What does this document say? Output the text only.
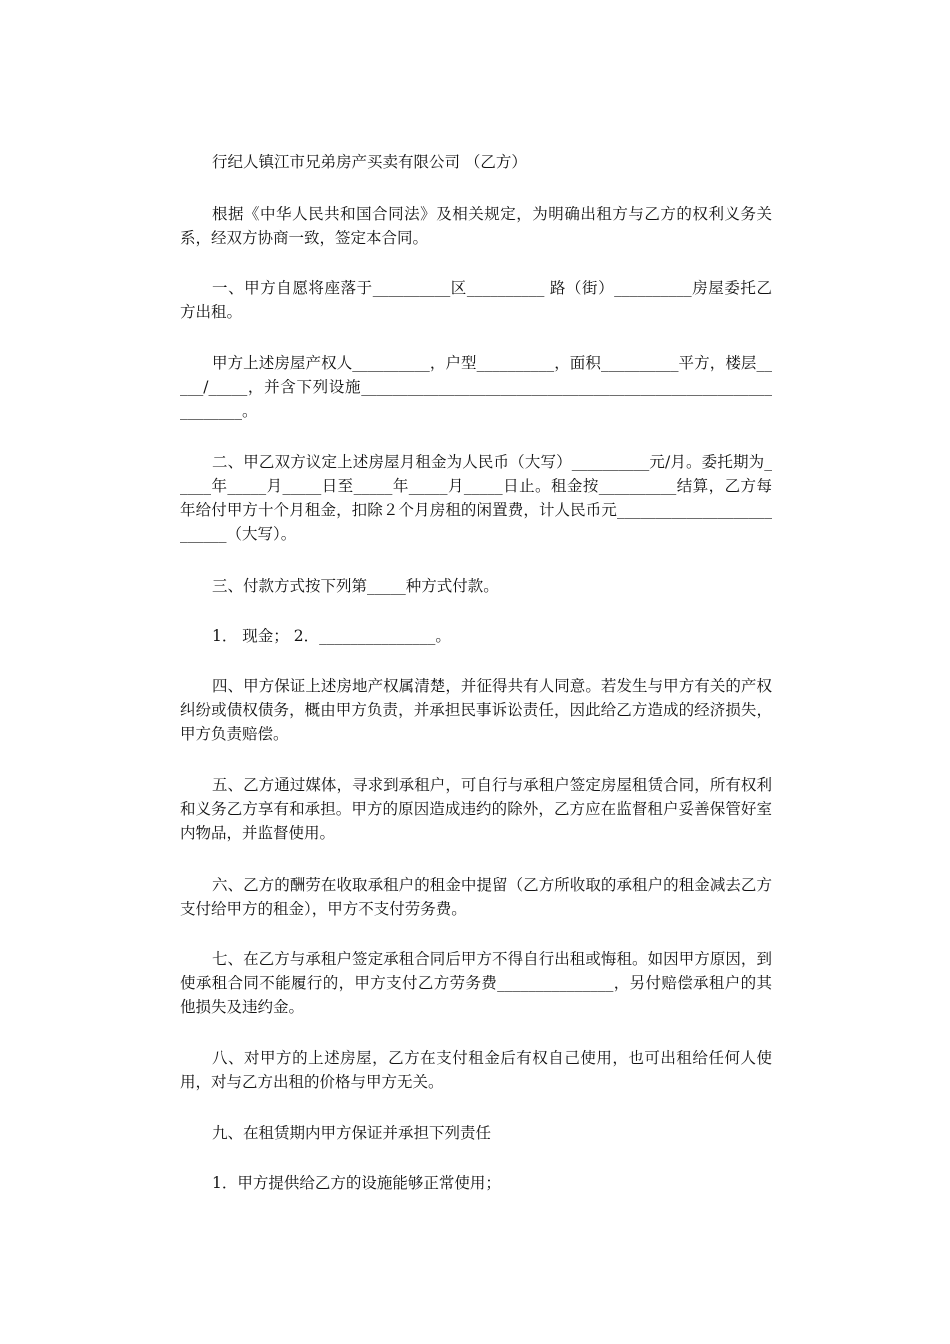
行纪人镇江市兄弟房产买卖有限公司 （乙方）

根据《中华人民共和国合同法》及相关规定，为明确出租方与乙方的权利义务关系，经双方协商一致，签定本合同。

一、甲方自愿将座落于__________区__________ 路（街）__________房屋委托乙方出租。

甲方上述房屋产权人__________，户型__________，面积__________平方，楼层_____/_____，并含下列设施_____________________________________________________________。

二、甲乙双方议定上述房屋月租金为人民币（大写）__________元/月。委托期为_____年_____月_____日至_____年_____月_____日止。租金按__________结算，乙方每年给付甲方十个月租金，扣除２个月房租的闲置费，计人民币元__________________________（大写）。

三、付款方式按下列第_____种方式付款。

1． 现金； 2．_______________。

四、甲方保证上述房地产权属清楚，并征得共有人同意。若发生与甲方有关的产权纠纷或债权债务，概由甲方负责，并承担民事诉讼责任，因此给乙方造成的经济损失，甲方负责赔偿。

五、乙方通过媒体，寻求到承租户，可自行与承租户签定房屋租赁合同，所有权利和义务乙方享有和承担。甲方的原因造成违约的除外，乙方应在监督租户妥善保管好室内物品，并监督使用。

六、乙方的酬劳在收取承租户的租金中提留（乙方所收取的承租户的租金减去乙方支付给甲方的租金），甲方不支付劳务费。

七、在乙方与承租户签定承租合同后甲方不得自行出租或悔租。如因甲方原因，到使承租合同不能履行的，甲方支付乙方劳务费_______________，另付赔偿承租户的其他损失及违约金。

八、对甲方的上述房屋，乙方在支付租金后有权自己使用，也可出租给任何人使用，对与乙方出租的价格与甲方无关。

九、在租赁期内甲方保证并承担下列责任

1．甲方提供给乙方的设施能够正常使用；
